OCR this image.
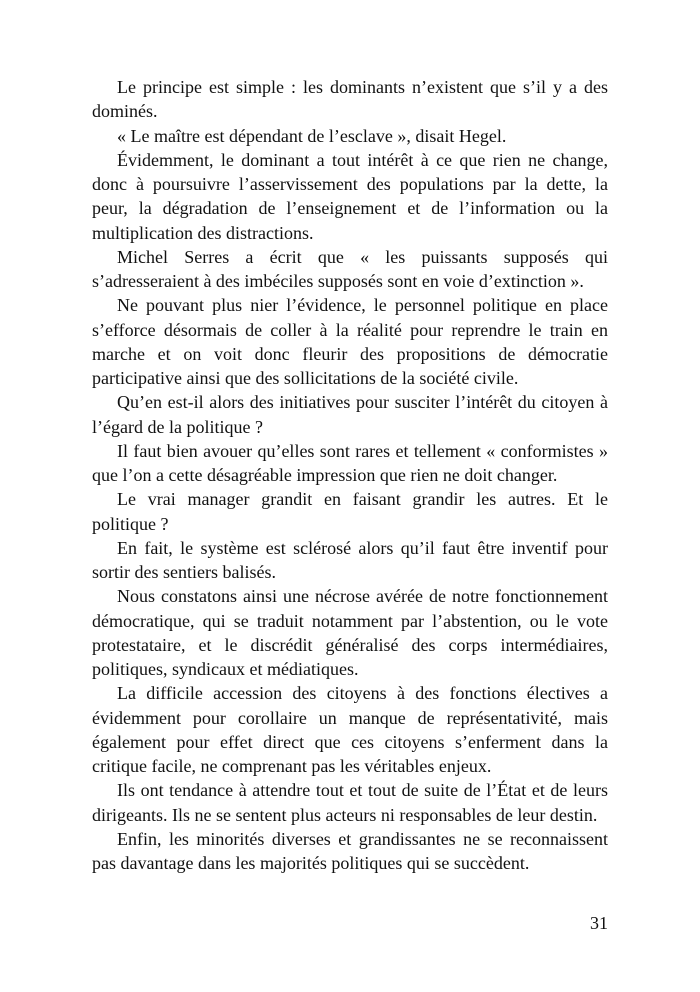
Le principe est simple : les dominants n’existent que s’il y a des
dominés.
« Le maître est dépendant de l’esclave », disait Hegel.
Évidemment, le dominant a tout intérêt à ce que rien ne change,
donc à poursuivre l’asservissement des populations par la dette, la
peur, la dégradation de l’enseignement et de l’information ou la
multiplication des distractions.
Michel Serres a écrit que « les puissants supposés qui
s’adresseraient à des imbéciles supposés sont en voie d’extinction ».
Ne pouvant plus nier l’évidence, le personnel politique en place
s’efforce désormais de coller à la réalité pour reprendre le train en
marche et on voit donc fleurir des propositions de démocratie
participative ainsi que des sollicitations de la société civile.
Qu’en est-il alors des initiatives pour susciter l’intérêt du citoyen à
l’égard de la politique ?
Il faut bien avouer qu’elles sont rares et tellement « conformistes »
que l’on a cette désagréable impression que rien ne doit changer.
Le vrai manager grandit en faisant grandir les autres. Et le
politique ?
En fait, le système est sclérosé alors qu’il faut être inventif pour
sortir des sentiers balisés.
Nous constatons ainsi une nécrose avérée de notre fonctionnement
démocratique, qui se traduit notamment par l’abstention, ou le vote
protestataire, et le discrédit généralisé des corps intermédiaires,
politiques, syndicaux et médiatiques.
La difficile accession des citoyens à des fonctions électives a
évidemment pour corollaire un manque de représentativité, mais
également pour effet direct que ces citoyens s’enferment dans la
critique facile, ne comprenant pas les véritables enjeux.
Ils ont tendance à attendre tout et tout de suite de l’État et de leurs
dirigeants. Ils ne se sentent plus acteurs ni responsables de leur destin.
Enfin, les minorités diverses et grandissantes ne se reconnaissent
pas davantage dans les majorités politiques qui se succèdent.
31
